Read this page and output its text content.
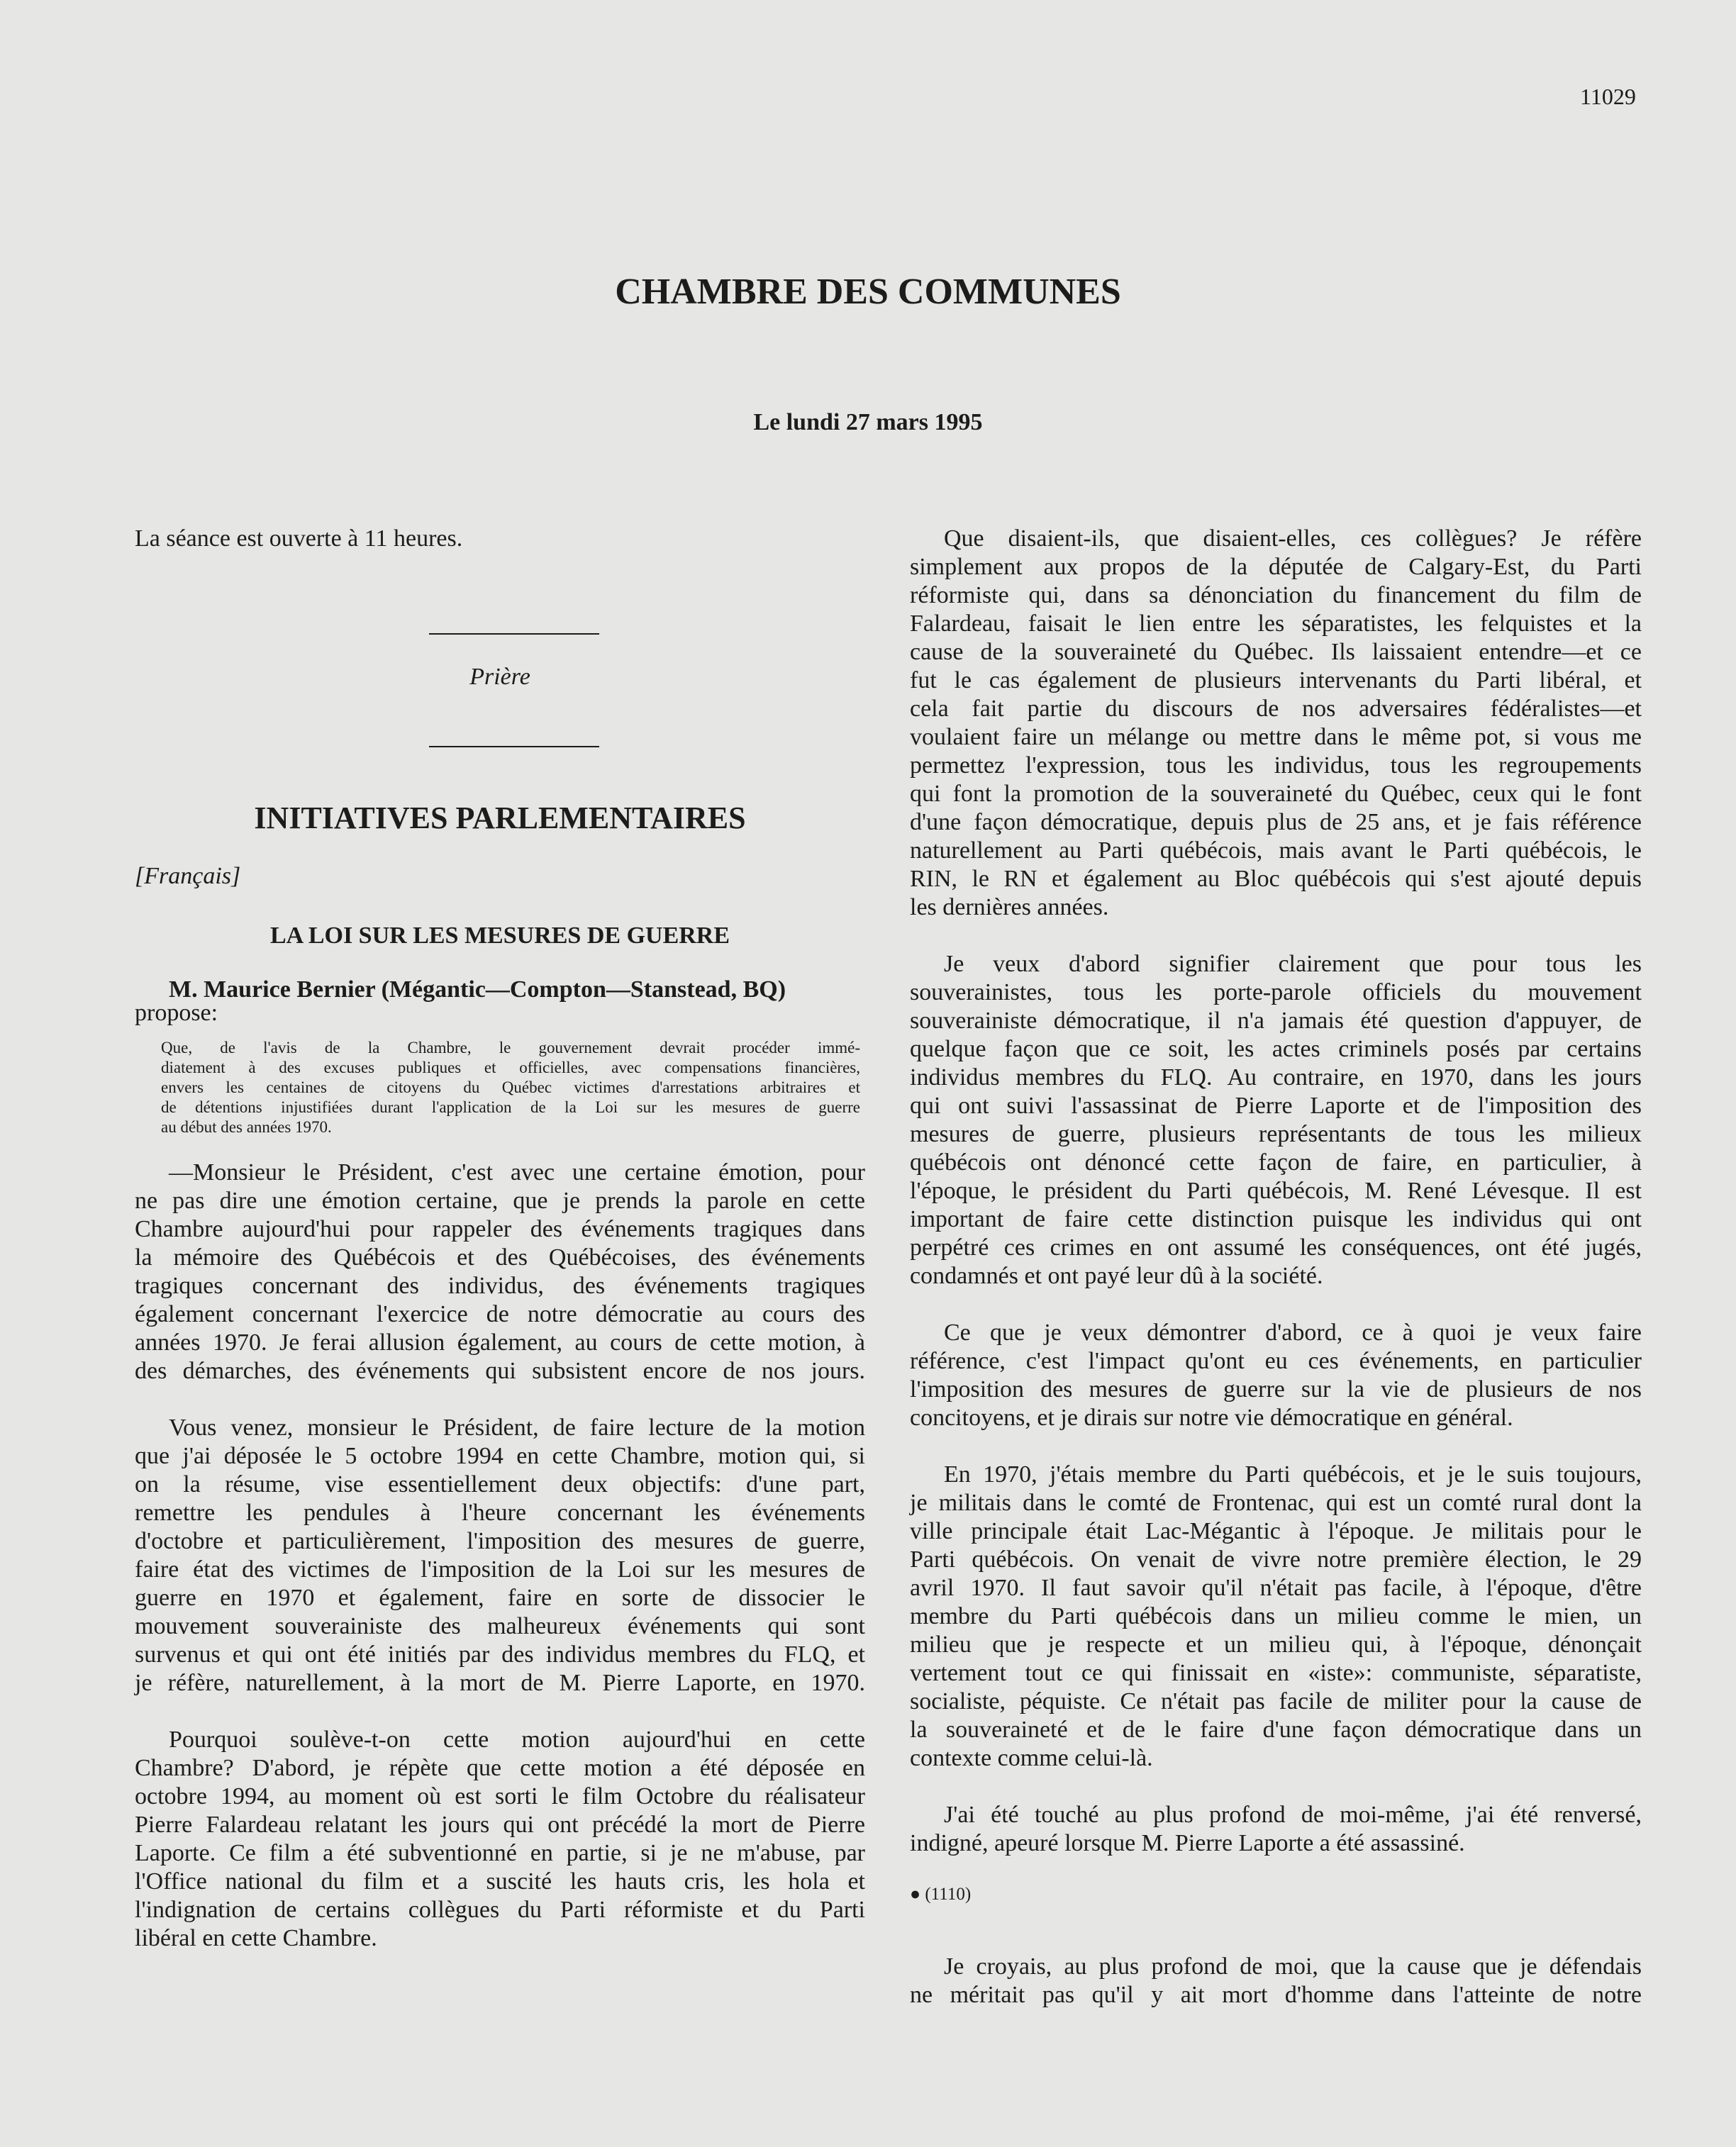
11029
CHAMBRE DES COMMUNES
Le lundi 27 mars 1995

La séance est ouverte à 11 heures.

Prière

INITIATIVES PARLEMENTAIRES

[Français]

LA LOI SUR LES MESURES DE GUERRE

M. Maurice Bernier (Mégantic—Compton—Stanstead, BQ)

propose:

Que, de l'avis de la Chambre, le gouvernement devrait procéder immé-
diatement à des excuses publiques et officielles, avec compensations financières,
envers les centaines de citoyens du Québec victimes d'arrestations arbitraires et
de détentions injustifiées durant l'application de la Loi sur les mesures de guerre
au début des années 1970.
—Monsieur le Président, c'est avec une certaine émotion, pour
ne pas dire une émotion certaine, que je prends la parole en cette
Chambre aujourd'hui pour rappeler des événements tragiques dans
la mémoire des Québécois et des Québécoises, des événements
tragiques concernant des individus, des événements tragiques
également concernant l'exercice de notre démocratie au cours des
années 1970. Je ferai allusion également, au cours de cette motion, à
des démarches, des événements qui subsistent encore de nos jours.
Vous venez, monsieur le Président, de faire lecture de la motion
que j'ai déposée le 5 octobre 1994 en cette Chambre, motion qui, si
on la résume, vise essentiellement deux objectifs: d'une part,
remettre les pendules à l'heure concernant les événements
d'octobre et particulièrement, l'imposition des mesures de guerre,
faire état des victimes de l'imposition de la Loi sur les mesures de
guerre en 1970 et également, faire en sorte de dissocier le
mouvement souverainiste des malheureux événements qui sont
survenus et qui ont été initiés par des individus membres du FLQ, et
je réfère, naturellement, à la mort de M. Pierre Laporte, en 1970.
Pourquoi soulève-t-on cette motion aujourd'hui en cette
Chambre? D'abord, je répète que cette motion a été déposée en
octobre 1994, au moment où est sorti le film Octobre du réalisateur
Pierre Falardeau relatant les jours qui ont précédé la mort de Pierre
Laporte. Ce film a été subventionné en partie, si je ne m'abuse, par
l'Office national du film et a suscité les hauts cris, les hola et
l'indignation de certains collègues du Parti réformiste et du Parti
libéral en cette Chambre.
Que disaient-ils, que disaient-elles, ces collègues? Je réfère
simplement aux propos de la députée de Calgary-Est, du Parti
réformiste qui, dans sa dénonciation du financement du film de
Falardeau, faisait le lien entre les séparatistes, les felquistes et la
cause de la souveraineté du Québec. Ils laissaient entendre—et ce
fut le cas également de plusieurs intervenants du Parti libéral, et
cela fait partie du discours de nos adversaires fédéralistes—et
voulaient faire un mélange ou mettre dans le même pot, si vous me
permettez l'expression, tous les individus, tous les regroupements
qui font la promotion de la souveraineté du Québec, ceux qui le font
d'une façon démocratique, depuis plus de 25 ans, et je fais référence
naturellement au Parti québécois, mais avant le Parti québécois, le
RIN, le RN et également au Bloc québécois qui s'est ajouté depuis
les dernières années.
Je veux d'abord signifier clairement que pour tous les
souverainistes, tous les porte-parole officiels du mouvement
souverainiste démocratique, il n'a jamais été question d'appuyer, de
quelque façon que ce soit, les actes criminels posés par certains
individus membres du FLQ. Au contraire, en 1970, dans les jours
qui ont suivi l'assassinat de Pierre Laporte et de l'imposition des
mesures de guerre, plusieurs représentants de tous les milieux
québécois ont dénoncé cette façon de faire, en particulier, à
l'époque, le président du Parti québécois, M. René Lévesque. Il est
important de faire cette distinction puisque les individus qui ont
perpétré ces crimes en ont assumé les conséquences, ont été jugés,
condamnés et ont payé leur dû à la société.
Ce que je veux démontrer d'abord, ce à quoi je veux faire
référence, c'est l'impact qu'ont eu ces événements, en particulier
l'imposition des mesures de guerre sur la vie de plusieurs de nos
concitoyens, et je dirais sur notre vie démocratique en général.
En 1970, j'étais membre du Parti québécois, et je le suis toujours,
je militais dans le comté de Frontenac, qui est un comté rural dont la
ville principale était Lac-Mégantic à l'époque. Je militais pour le
Parti québécois. On venait de vivre notre première élection, le 29
avril 1970. Il faut savoir qu'il n'était pas facile, à l'époque, d'être
membre du Parti québécois dans un milieu comme le mien, un
milieu que je respecte et un milieu qui, à l'époque, dénonçait
vertement tout ce qui finissait en «iste»: communiste, séparatiste,
socialiste, péquiste. Ce n'était pas facile de militer pour la cause de
la souveraineté et de le faire d'une façon démocratique dans un
contexte comme celui-là.
J'ai été touché au plus profond de moi-même, j'ai été renversé,
indigné, apeuré lorsque M. Pierre Laporte a été assassiné.

● (1110)

Je croyais, au plus profond de moi, que la cause que je défendais
ne méritait pas qu'il y ait mort d'homme dans l'atteinte de notre
